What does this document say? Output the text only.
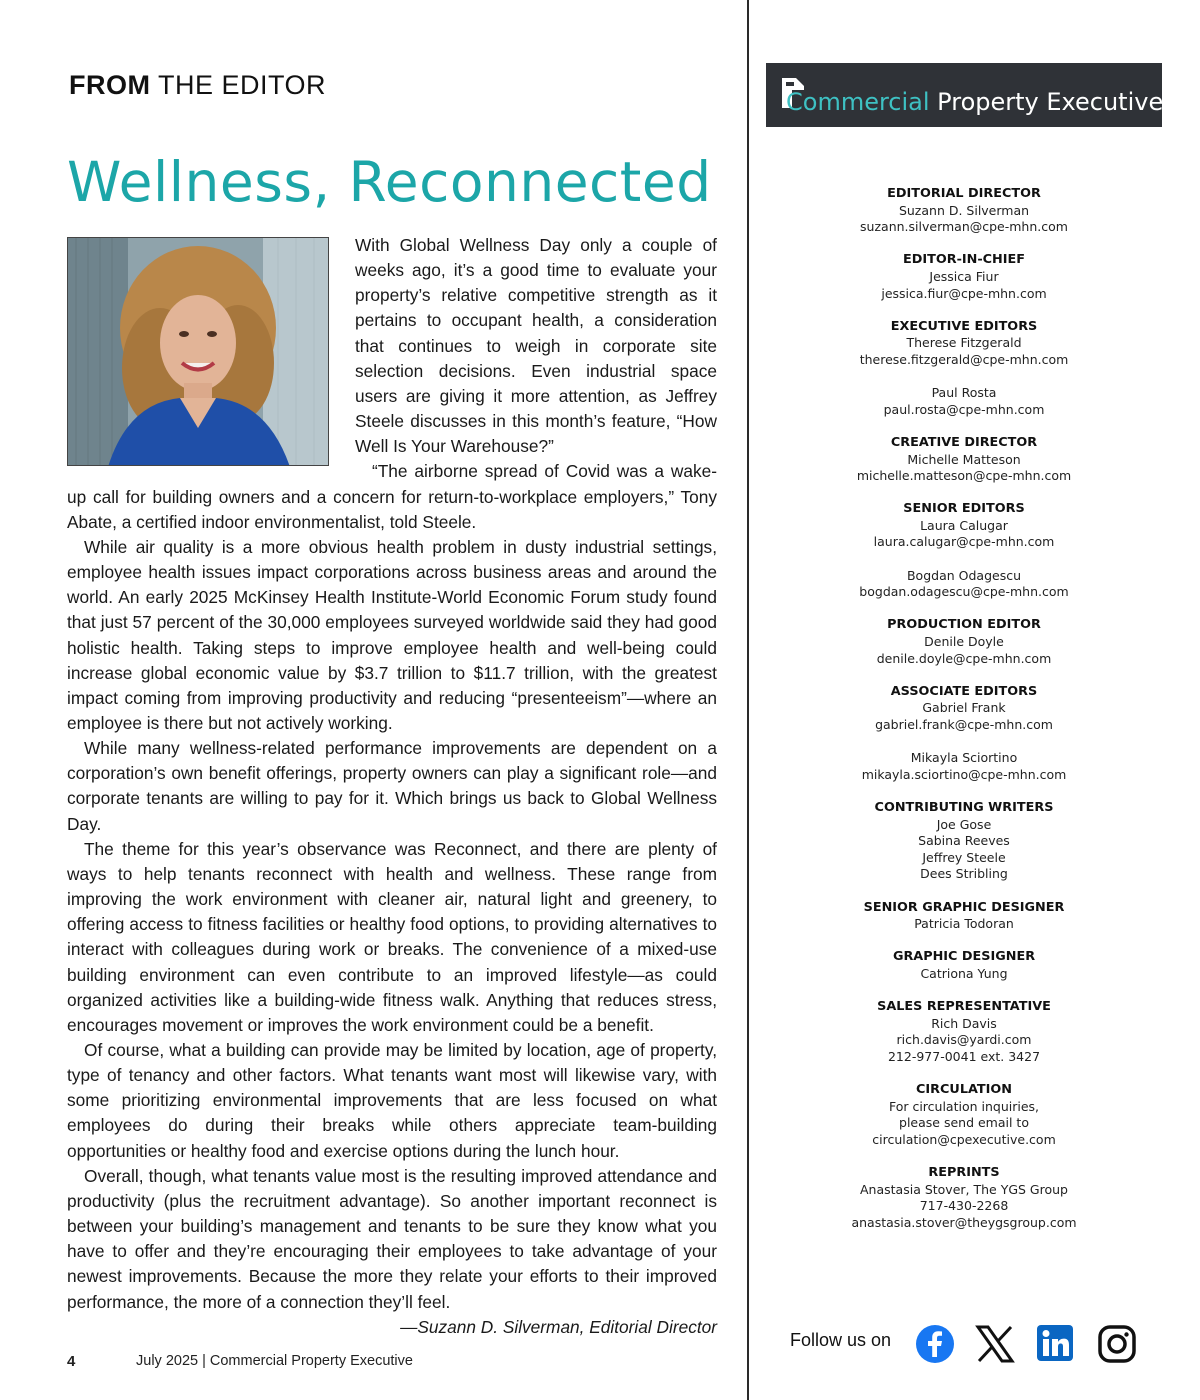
FROM THE EDITOR
Wellness, Reconnected

With Global Wellness Day only a couple of weeks ago, it’s a good time to evaluate your property’s relative competitive strength as it pertains to occupant health, a consideration that continues to weigh in corporate site selection decisions. Even industrial space users are giving it more attention, as Jeffrey Steele discusses in this month’s feature, “How Well Is Your Warehouse?”

“The airborne spread of Covid was a wake-up call for building owners and a concern for return-to-workplace employers,” Tony Abate, a certified indoor environmentalist, told Steele.

While air quality is a more obvious health problem in dusty industrial settings, employee health issues impact corporations across business areas and around the world. An early 2025 McKinsey Health Institute-World Economic Forum study found that just 57 percent of the 30,000 employees surveyed worldwide said they had good holistic health. Taking steps to improve employee health and well-being could increase global economic value by $3.7 trillion to $11.7 trillion, with the greatest impact coming from improving productivity and reducing “presenteeism”—where an employee is there but not actively working.

While many wellness-related performance improvements are dependent on a corporation’s own benefit offerings, property owners can play a significant role—and corporate tenants are willing to pay for it. Which brings us back to Global Wellness Day.

The theme for this year’s observance was Reconnect, and there are plenty of ways to help tenants reconnect with health and wellness. These range from improving the work environment with cleaner air, natural light and greenery, to offering access to fitness facilities or healthy food options, to providing alternatives to interact with colleagues during work or breaks. The convenience of a mixed-use building environment can even contribute to an improved lifestyle—as could organized activities like a building-wide fitness walk. Anything that reduces stress, encourages movement or improves the work environment could be a benefit.

Of course, what a building can provide may be limited by location, age of property, type of tenancy and other factors. What tenants want most will likewise vary, with some prioritizing environmental improvements that are less focused on what employees do during their breaks while others appreciate team-building opportunities or healthy food and exercise options during the lunch hour.

Overall, though, what tenants value most is the resulting improved attendance and productivity (plus the recruitment advantage). So another important reconnect is between your building’s management and tenants to be sure they know what you have to offer and they’re encouraging their employees to take advantage of your newest improvements. Because the more they relate your efforts to their improved performance, the more of a connection they’ll feel.

—Suzann D. Silverman, Editorial Director
4	July 2025 | Commercial Property Executive
Commercial Property Executive
EDITORIAL DIRECTOR
Suzann D. Silverman
suzann.silverman@cpe-mhn.com
EDITOR-IN-CHIEF
Jessica Fiur
jessica.fiur@cpe-mhn.com
EXECUTIVE EDITORS
Therese Fitzgerald
therese.fitzgerald@cpe-mhn.com
Paul Rosta
paul.rosta@cpe-mhn.com
CREATIVE DIRECTOR
Michelle Matteson
michelle.matteson@cpe-mhn.com
SENIOR EDITORS
Laura Calugar
laura.calugar@cpe-mhn.com
Bogdan Odagescu
bogdan.odagescu@cpe-mhn.com
PRODUCTION EDITOR
Denile Doyle
denile.doyle@cpe-mhn.com
ASSOCIATE EDITORS
Gabriel Frank
gabriel.frank@cpe-mhn.com
Mikayla Sciortino
mikayla.sciortino@cpe-mhn.com
CONTRIBUTING WRITERS
Joe Gose
Sabina Reeves
Jeffrey Steele
Dees Stribling
SENIOR GRAPHIC DESIGNER
Patricia Todoran
GRAPHIC DESIGNER
Catriona Yung
SALES REPRESENTATIVE
Rich Davis
rich.davis@yardi.com
212-977-0041 ext. 3427
CIRCULATION
For circulation inquiries,
please send email to
circulation@cpexecutive.com
REPRINTS
Anastasia Stover, The YGS Group
717-430-2268
anastasia.stover@theygsgroup.com
Follow us on
